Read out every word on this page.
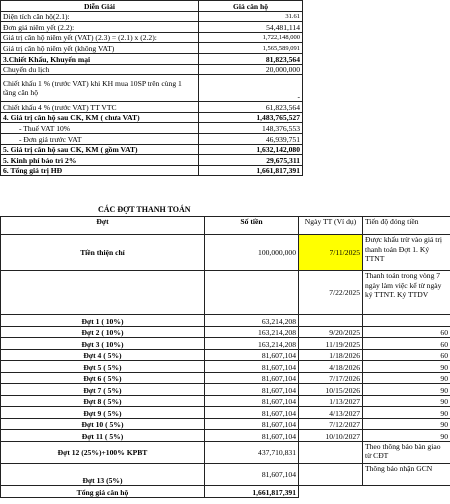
Diễn Giải	Giá căn hộ
Diện tích căn hộ(2.1):	31.61
Đơn giá niêm yết (2.2):	54,481,114
Giá trị căn hộ niêm yết (VAT) (2.3) = (2.1) x (2.2):	1,722,148,000
Giá trị căn hộ niêm yết (không VAT)	1,565,589,091
3.Chiết Khấu, Khuyến mại	81,823,564
Chuyển du lịch	20,000,000
Chiết khấu 1 % (trước VAT) khi KH mua 10SP trên cùng 1 tầng căn hộ	-
Chiết khấu 4 % (trước VAT) TT VTC	61,823,564
4. Giá trị căn hộ sau CK, KM ( chưa VAT)	1,483,765,527
- Thuế VAT 10%	148,376,553
- Đơn giá trước VAT	46,939,751
5. Giá trị căn hộ sau CK, KM ( gồm VAT)	1,632,142,080
5. Kinh phí bảo trì 2%	29,675,311
6. Tổng giá trị HĐ	1,661,817,391
CÁC ĐỢT THANH TOÁN
Đợt	Số tiền	Ngày TT (Ví dụ)	Tiến độ đóng tiền
Tiền thiện chí	100,000,000	7/11/2025	Được khấu trừ vào giá trị thanh toán Đợt 1. Ký TTNT
		7/22/2025	Thanh toán trong vòng 7 ngày làm việc kể từ ngày ký TTNT. Ký TTDV
Đợt 1 ( 10%)	63,214,208		
Đợt 2 ( 10%)	163,214,208	9/20/2025	60
Đợt 3 ( 10%)	163,214,208	11/19/2025	60
Đợt 4 ( 5%)	81,607,104	1/18/2026	60
Đợt 5 ( 5%)	81,607,104	4/18/2026	90
Đợt 6 ( 5%)	81,607,104	7/17/2026	90
Đợt 7 ( 5%)	81,607,104	10/15/2026	90
Đợt 8 ( 5%)	81,607,104	1/13/2027	90
Đợt 9 ( 5%)	81,607,104	4/13/2027	90
Đợt 10 ( 5%)	81,607,104	7/12/2027	90
Đợt 11 ( 5%)	81,607,104	10/10/2027	90
Đợt 12 (25%)+100% KPBT	437,710,831		Theo thông báo bàn giao từ CĐT
Đợt 13 (5%)	81,607,104		Thông báo nhận GCN
Tổng giá căn hộ	1,661,817,391		
